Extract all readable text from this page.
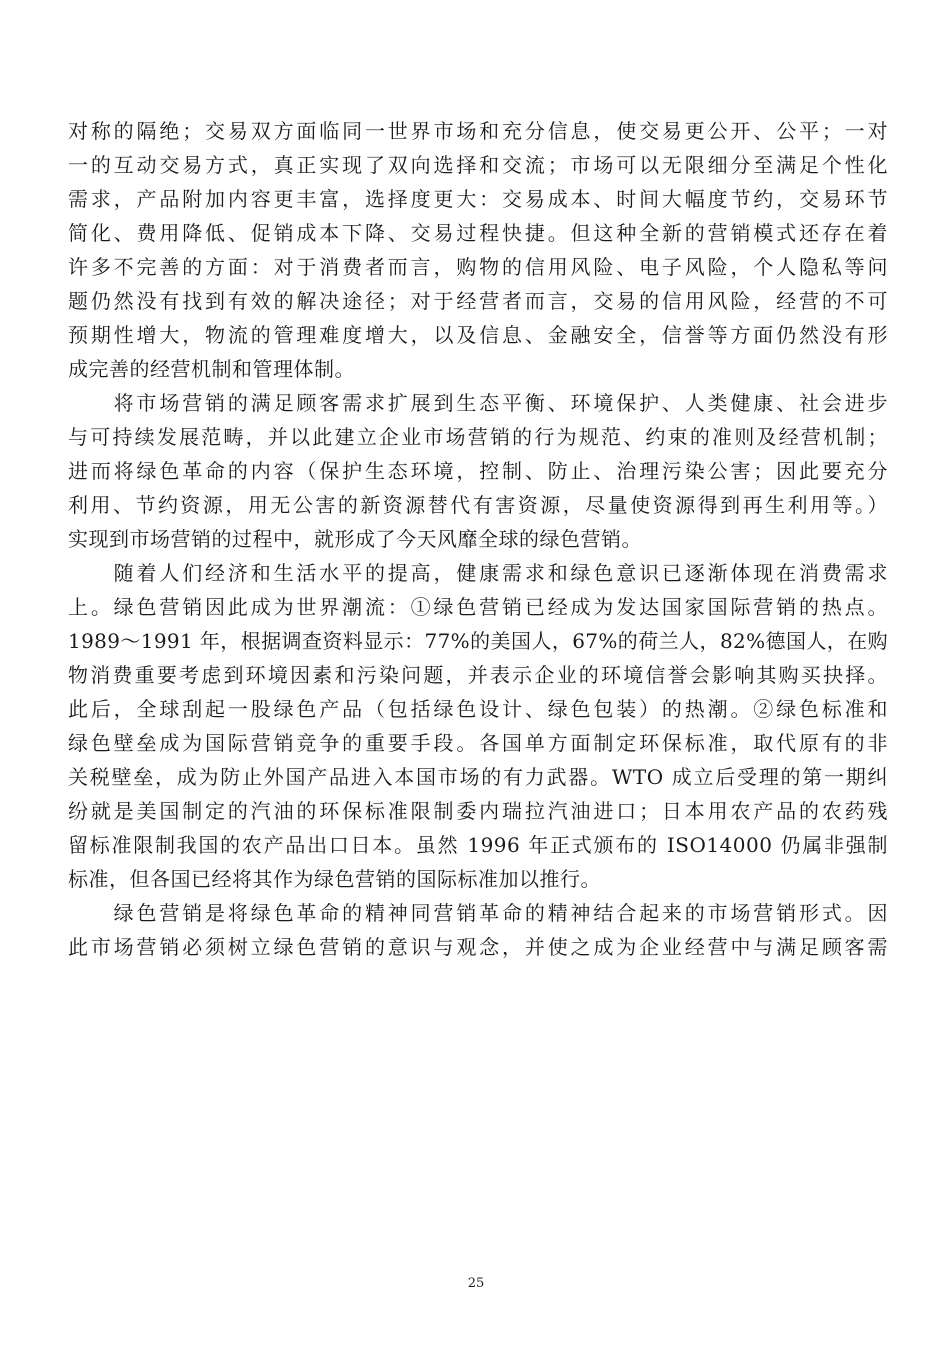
对称的隔绝；交易双方面临同一世界市场和充分信息，使交易更公开、公平；一对
一的互动交易方式，真正实现了双向选择和交流；市场可以无限细分至满足个性化
需求，产品附加内容更丰富，选择度更大：交易成本、时间大幅度节约，交易环节
简化、费用降低、促销成本下降、交易过程快捷。但这种全新的营销模式还存在着
许多不完善的方面：对于消费者而言，购物的信用风险、电子风险，个人隐私等问
题仍然没有找到有效的解决途径；对于经营者而言，交易的信用风险，经营的不可
预期性增大，物流的管理难度增大，以及信息、金融安全，信誉等方面仍然没有形
成完善的经营机制和管理体制。
　　将市场营销的满足顾客需求扩展到生态平衡、环境保护、人类健康、社会进步
与可持续发展范畴，并以此建立企业市场营销的行为规范、约束的准则及经营机制；
进而将绿色革命的内容（保护生态环境，控制、防止、治理污染公害；因此要充分
利用、节约资源，用无公害的新资源替代有害资源，尽量使资源得到再生利用等。）
实现到市场营销的过程中，就形成了今天风靡全球的绿色营销。
　　随着人们经济和生活水平的提高，健康需求和绿色意识已逐渐体现在消费需求
上。绿色营销因此成为世界潮流：①绿色营销已经成为发达国家国际营销的热点。
1989～1991 年，根据调查资料显示：77%的美国人，67%的荷兰人，82%德国人，在购
物消费重要考虑到环境因素和污染问题，并表示企业的环境信誉会影响其购买抉择。
此后，全球刮起一股绿色产品（包括绿色设计、绿色包装）的热潮。②绿色标准和
绿色壁垒成为国际营销竞争的重要手段。各国单方面制定环保标准，取代原有的非
关税壁垒，成为防止外国产品进入本国市场的有力武器。WTO 成立后受理的第一期纠
纷就是美国制定的汽油的环保标准限制委内瑞拉汽油进口；日本用农产品的农药残
留标准限制我国的农产品出口日本。虽然 1996 年正式颁布的 ISO14000 仍属非强制
标准，但各国已经将其作为绿色营销的国际标准加以推行。
　　绿色营销是将绿色革命的精神同营销革命的精神结合起来的市场营销形式。因
此市场营销必须树立绿色营销的意识与观念，并使之成为企业经营中与满足顾客需
25
